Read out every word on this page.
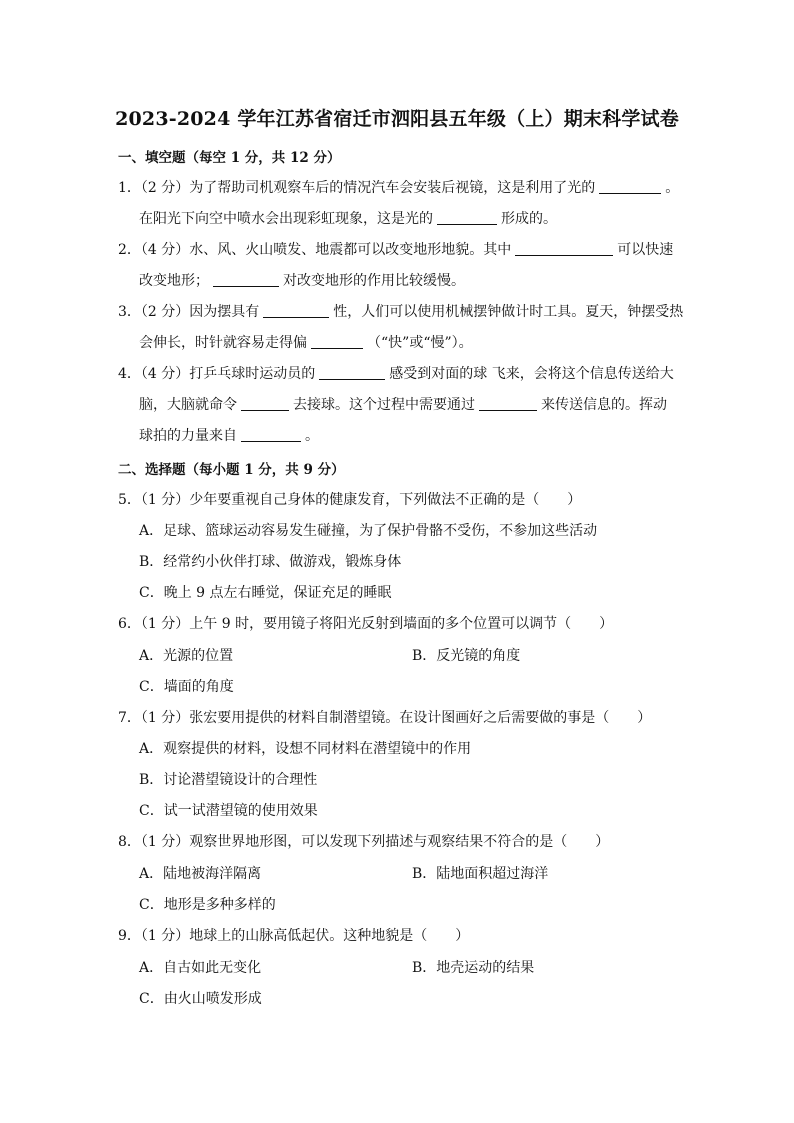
2023-2024 学年江苏省宿迁市泗阳县五年级（上）期末科学试卷
一、填空题（每空 1 分，共 12 分）
1．（2 分）为了帮助司机观察车后的情况汽车会安装后视镜，这是利用了光的	。
在阳光下向空中喷水会出现彩虹现象，这是光的	形成的。
2．（4 分）水、风、火山喷发、地震都可以改变地形地貌。其中	可以快速
改变地形；	对改变地形的作用比较缓慢。
3．（2 分）因为摆具有	性，人们可以使用机械摆钟做计时工具。夏天，钟摆受热
会伸长，时针就容易走得偏	（“快”或“慢”）。
4．（4 分）打乒乓球时运动员的	感受到对面的球 飞来，会将这个信息传送给大
脑，大脑就命令	去接球。这个过程中需要通过	来传送信息的。挥动
球拍的力量来自	。
二、选择题（每小题 1 分，共 9 分）
5．（1 分）少年要重视自己身体的健康发育，下列做法不正确的是（　　）
A．足球、篮球运动容易发生碰撞，为了保护骨骼不受伤，不参加这些活动
B．经常约小伙伴打球、做游戏，锻炼身体
C．晚上 9 点左右睡觉，保证充足的睡眠
6．（1 分）上午 9 时，要用镜子将阳光反射到墙面的多个位置可以调节（　　）
A．光源的位置	B．反光镜的角度
C．墙面的角度
7．（1 分）张宏要用提供的材料自制潜望镜。在设计图画好之后需要做的事是（　　）
A．观察提供的材料，设想不同材料在潜望镜中的作用
B．讨论潜望镜设计的合理性
C．试一试潜望镜的使用效果
8．（1 分）观察世界地形图，可以发现下列描述与观察结果不符合的是（　　）
A．陆地被海洋隔离	B．陆地面积超过海洋
C．地形是多种多样的
9．（1 分）地球上的山脉高低起伏。这种地貌是（　　）
A．自古如此无变化	B．地壳运动的结果
C．由火山喷发形成
